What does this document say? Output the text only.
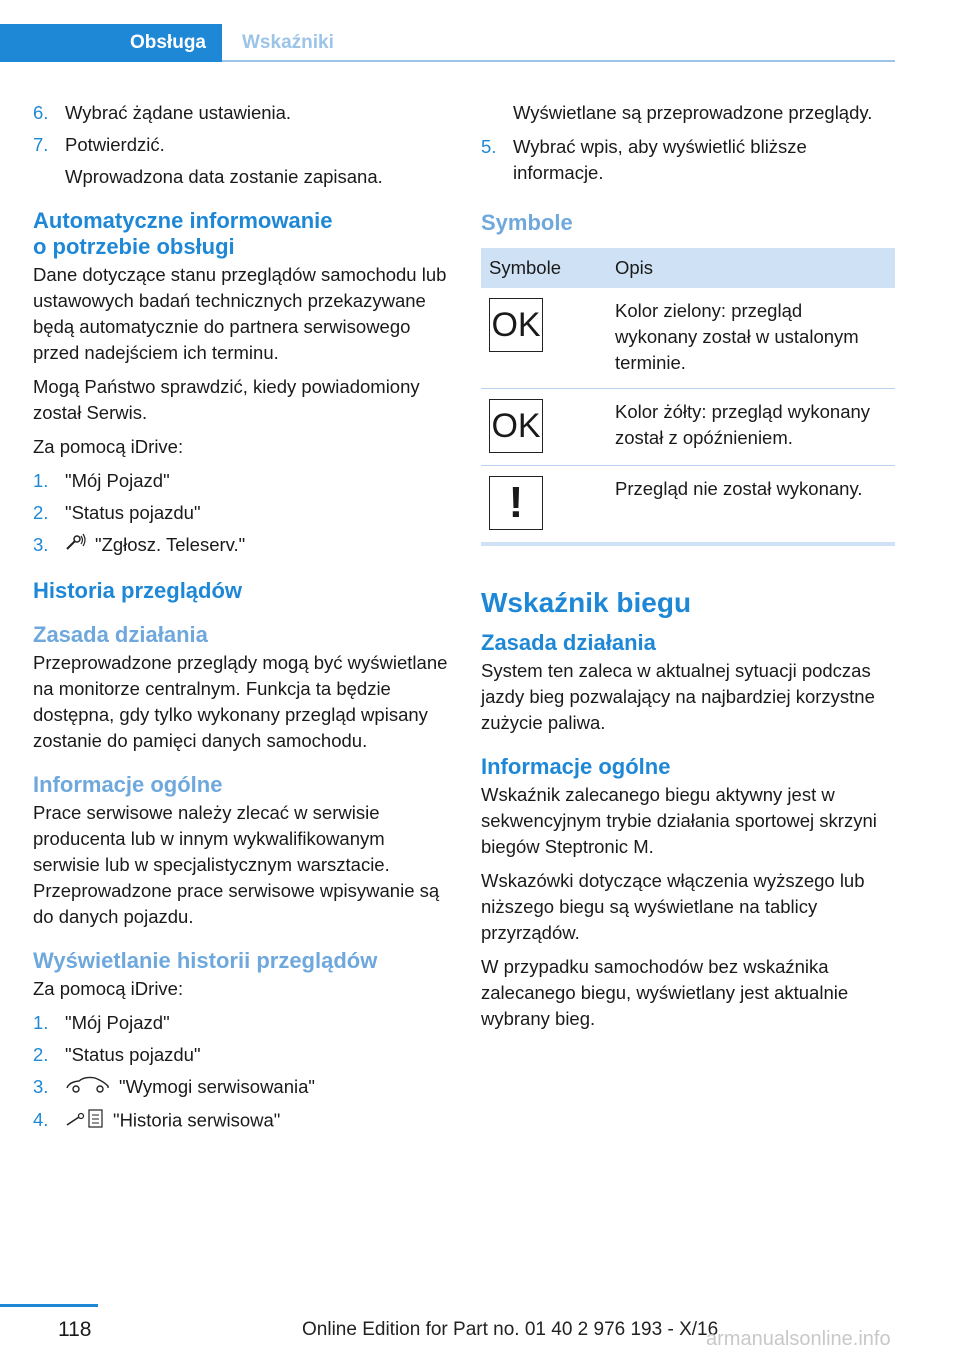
Obsługa	Wskaźniki
6. Wybrać żądane ustawienia.
7. Potwierdzić.
Wprowadzona data zostanie zapisana.
Automatyczne informowanie
o potrzebie obsługi

Dane dotyczące stanu przeglądów samochodu lub ustawowych badań technicznych przekazywane będą automatycznie do partnera serwisowego przed nadejściem ich terminu.

Mogą Państwo sprawdzić, kiedy powiadomiony został Serwis.

Za pomocą iDrive:

1. "Mój Pojazd"
2. "Status pojazdu"
3.	"Zgłosz. Teleserv."
Historia przeglądów
Zasada działania

Przeprowadzone przeglądy mogą być wyświetlane na monitorze centralnym. Funkcja ta będzie dostępna, gdy tylko wykonany przegląd wpisany zostanie do pamięci danych samochodu.

Informacje ogólne

Prace serwisowe należy zlecać w serwisie producenta lub w innym wykwalifikowanym serwisie lub w specjalistycznym warsztacie. Przeprowadzone prace serwisowe wpisywanie są do danych pojazdu.

Wyświetlanie historii przeglądów

Za pomocą iDrive:

1. "Mój Pojazd"
2. "Status pojazdu"
3.	"Wymogi serwisowania"
4.	"Historia serwisowa"
Wyświetlane są przeprowadzone przeglądy.
5. Wybrać wpis, aby wyświetlić bliższe informacje.
Symbole
Symbole	Opis

OK	Kolor zielony: przegląd wykonany został w ustalonym terminie.

OK	Kolor żółty: przegląd wykonany został z opóźnieniem.

!	Przegląd nie został wykonany.
Wskaźnik biegu
Zasada działania

System ten zaleca w aktualnej sytuacji podczas jazdy bieg pozwalający na najbardziej korzystne zużycie paliwa.

Informacje ogólne

Wskaźnik zalecanego biegu aktywny jest w sekwencyjnym trybie działania sportowej skrzyni biegów Steptronic M.

Wskazówki dotyczące włączenia wyższego lub niższego biegu są wyświetlane na tablicy przyrządów.

W przypadku samochodów bez wskaźnika zalecanego biegu, wyświetlany jest aktualnie wybrany bieg.

118	Online Edition for Part no. 01 40 2 976 193 - X/16
armanualsonline.info
